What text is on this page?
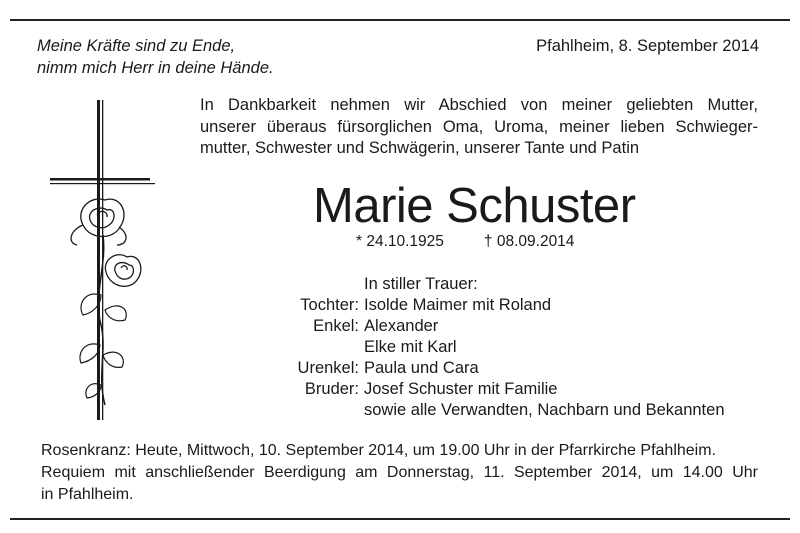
Meine Kräfte sind zu Ende,
nimm mich Herr in deine Hände.
Pfahlheim, 8. September 2014
In Dankbarkeit nehmen wir Abschied von meiner geliebten Mutter,
unserer überaus fürsorglichen Oma, Uroma, meiner lieben Schwieger-
mutter, Schwester und Schwägerin, unserer Tante und Patin
Marie Schuster
* 24.10.1925	† 08.09.2014
In stiller Trauer:
Tochter: Isolde Maimer mit Roland
Enkel: Alexander
Elke mit Karl
Urenkel: Paula und Cara
Bruder: Josef Schuster mit Familie
sowie alle Verwandten, Nachbarn und Bekannten
Rosenkranz: Heute, Mittwoch, 10. September 2014, um 19.00 Uhr in der Pfarrkirche Pfahlheim.
Requiem mit anschließender Beerdigung am Donnerstag, 11. September 2014, um 14.00 Uhr
in Pfahlheim.
